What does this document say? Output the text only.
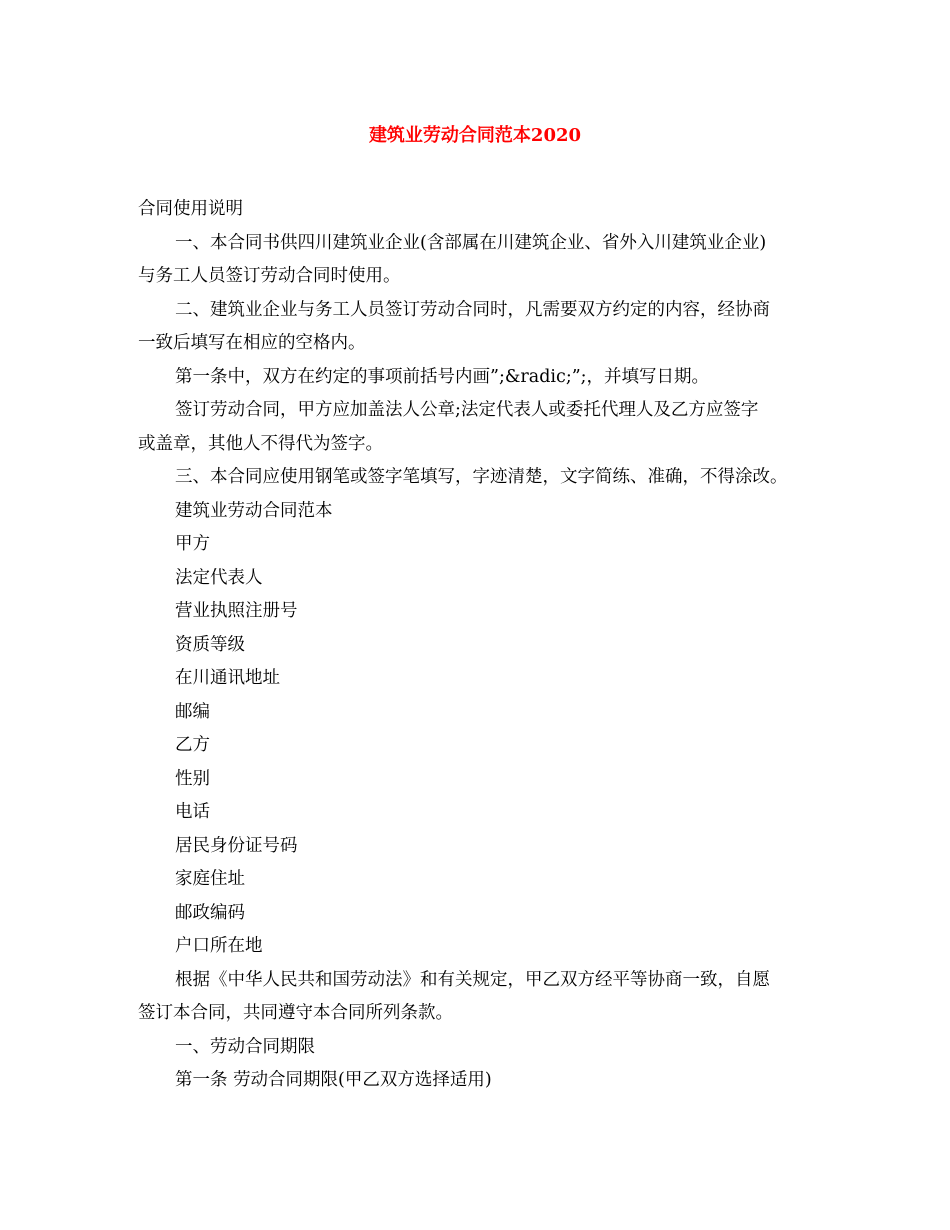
建筑业劳动合同范本2020
合同使用说明
一、本合同书供四川建筑业企业(含部属在川建筑企业、省外入川建筑业企业)
与务工人员签订劳动合同时使用。
二、建筑业企业与务工人员签订劳动合同时，凡需要双方约定的内容，经协商
一致后填写在相应的空格内。
第一条中，双方在约定的事项前括号内画”;&radic;”;，并填写日期。
签订劳动合同，甲方应加盖法人公章;法定代表人或委托代理人及乙方应签字
或盖章，其他人不得代为签字。
三、本合同应使用钢笔或签字笔填写，字迹清楚，文字简练、准确，不得涂改。
建筑业劳动合同范本
甲方
法定代表人
营业执照注册号
资质等级
在川通讯地址
邮编
乙方
性别
电话
居民身份证号码
家庭住址
邮政编码
户口所在地
根据《中华人民共和国劳动法》和有关规定，甲乙双方经平等协商一致，自愿
签订本合同，共同遵守本合同所列条款。
一、劳动合同期限
第一条 劳动合同期限(甲乙双方选择适用)
